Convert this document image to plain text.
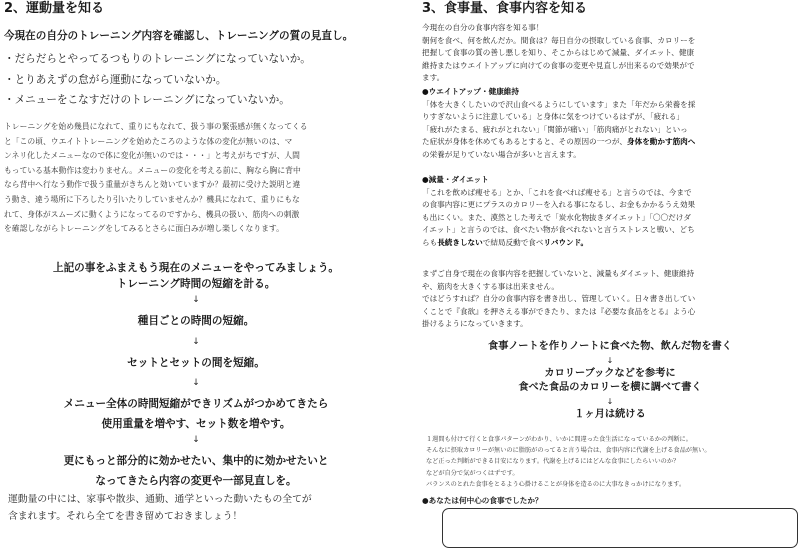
2、運動量を知る
今現在の自分のトレーニング内容を確認し、トレーニングの質の見直し。
・だらだらとやってるつもりのトレーニングになっていないか。
・とりあえずの怠がら運動になっていないか。
・メニューをこなすだけのトレーニングになっていないか。

トレーニングを始め幾員になれて、重りにもなれて、扱う事の緊張感が無くなってくる

と「この頃、ウエイトトレーニングを始めたころのような体の変化が無いのは、マ

ンネリ化したメニューなので体に変化が無いのでは・・・」と考えがちですが、人間

もっている基本動作は変わりません。メニューの変化を考える前に、胸なら胸に背中

なら背中へ行なう動作で扱う重量がきちんと効いていますか？最初に受けた説明と違

う動き、違う場所に下ろしたり引いたりしていませんか？機具になれて、重りにもな

れて、身体がスムーズに動くようになってるのですから、機具の扱い、筋肉への刺激

を確認しながらトレーニングをしてみるとさらに面白みが増し楽しくなります。

上記の事をふまえもう現在のメニューをやってみましょう。
トレーニング時間の短縮を計る。
↓
種目ごとの時間の短縮。
↓
セットとセットの間を短縮。
↓
メニュー全体の時間短縮ができリズムがつかめてきたら
使用重量を増やす、セット数を増やす。
↓
更にもっと部分的に効かせたい、集中的に効かせたいと
なってきたら内容の変更や一部見直しを。

運動量の中には、家事や散歩、通勤、通学といった動いたもの全てが

含まれます。それら全てを書き留めておきましょう！

3、食事量、食事内容を知る

今現在の自分の食事内容を知る事！

朝何を食べ、何を飲んだか。間食は？毎日自分の摂取している食事、カロリーを

把握して食事の質の善し悪しを知り、そこからはじめて減量、ダイエット、健康

維持またはウエイトアップに向けての食事の変更や見直しが出来るので効果がで

ます。

●ウエイトアップ・健康維持

「体を大きくしたいので沢山食べるようにしています」また「年だから栄養を採

りすぎないように注意している」と身体に気をつけているはずが、「疲れる」

「疲れがたまる、疲れがとれない」「関節が痛い」「筋肉痛がとれない」といっ

た症状が身体を休めてもあるとすると、その原因の一つが、身体を動かす筋肉へ

の栄養が足りていない場合が多いと言えます。

●減量・ダイエット

「これを飲めば痩せる」とか、「これを食べれば痩せる」と言うのでは、今まで

の食事内容に更にプラスのカロリーを入れる事になるし、お金もかかるうえ効果

も出にくい。また、漠然とした考えで「炭水化物抜きダイエット」「〇〇だけダ

イエット」と言うのでは、食べたい物が食べれないと言うストレスと戦い、どち

らも長続きしないで結局反動で食べリバウンド。

まずご自身で現在の食事内容を把握していないと、減量もダイエット、健康維持

や、筋肉を大きくする事は出来ません。

ではどうすれば？自分の食事内容を書き出し、管理していく。日々書き出してい

くことで『食欲』を押さえる事ができたり、または『必要な食品をとる』よう心

掛けるようになっていきます。

食事ノートを作りノートに食べた物、飲んだ物を書く
↓
カロリーブックなどを参考に
食べた食品のカロリーを横に調べて書く
↓
１ヶ月は続ける

１週間も付けて行くと食事パターンがわかり、いかに間違った食生活になっているかの判断に。

そんなに摂取カロリーが無いのに脂肪がのってると言う場合は、食事内容に代謝を上げる食品が無い。

など正った判断ができる目安になります。代謝を上げるにはどんな食事にしたらいいのか？

などが自分で気がつくはずです。

バランスのとれた食事をとるよう心掛けることが身体を造るのに大事なきっかけになります。

●あなたは何中心の食事でしたか？
